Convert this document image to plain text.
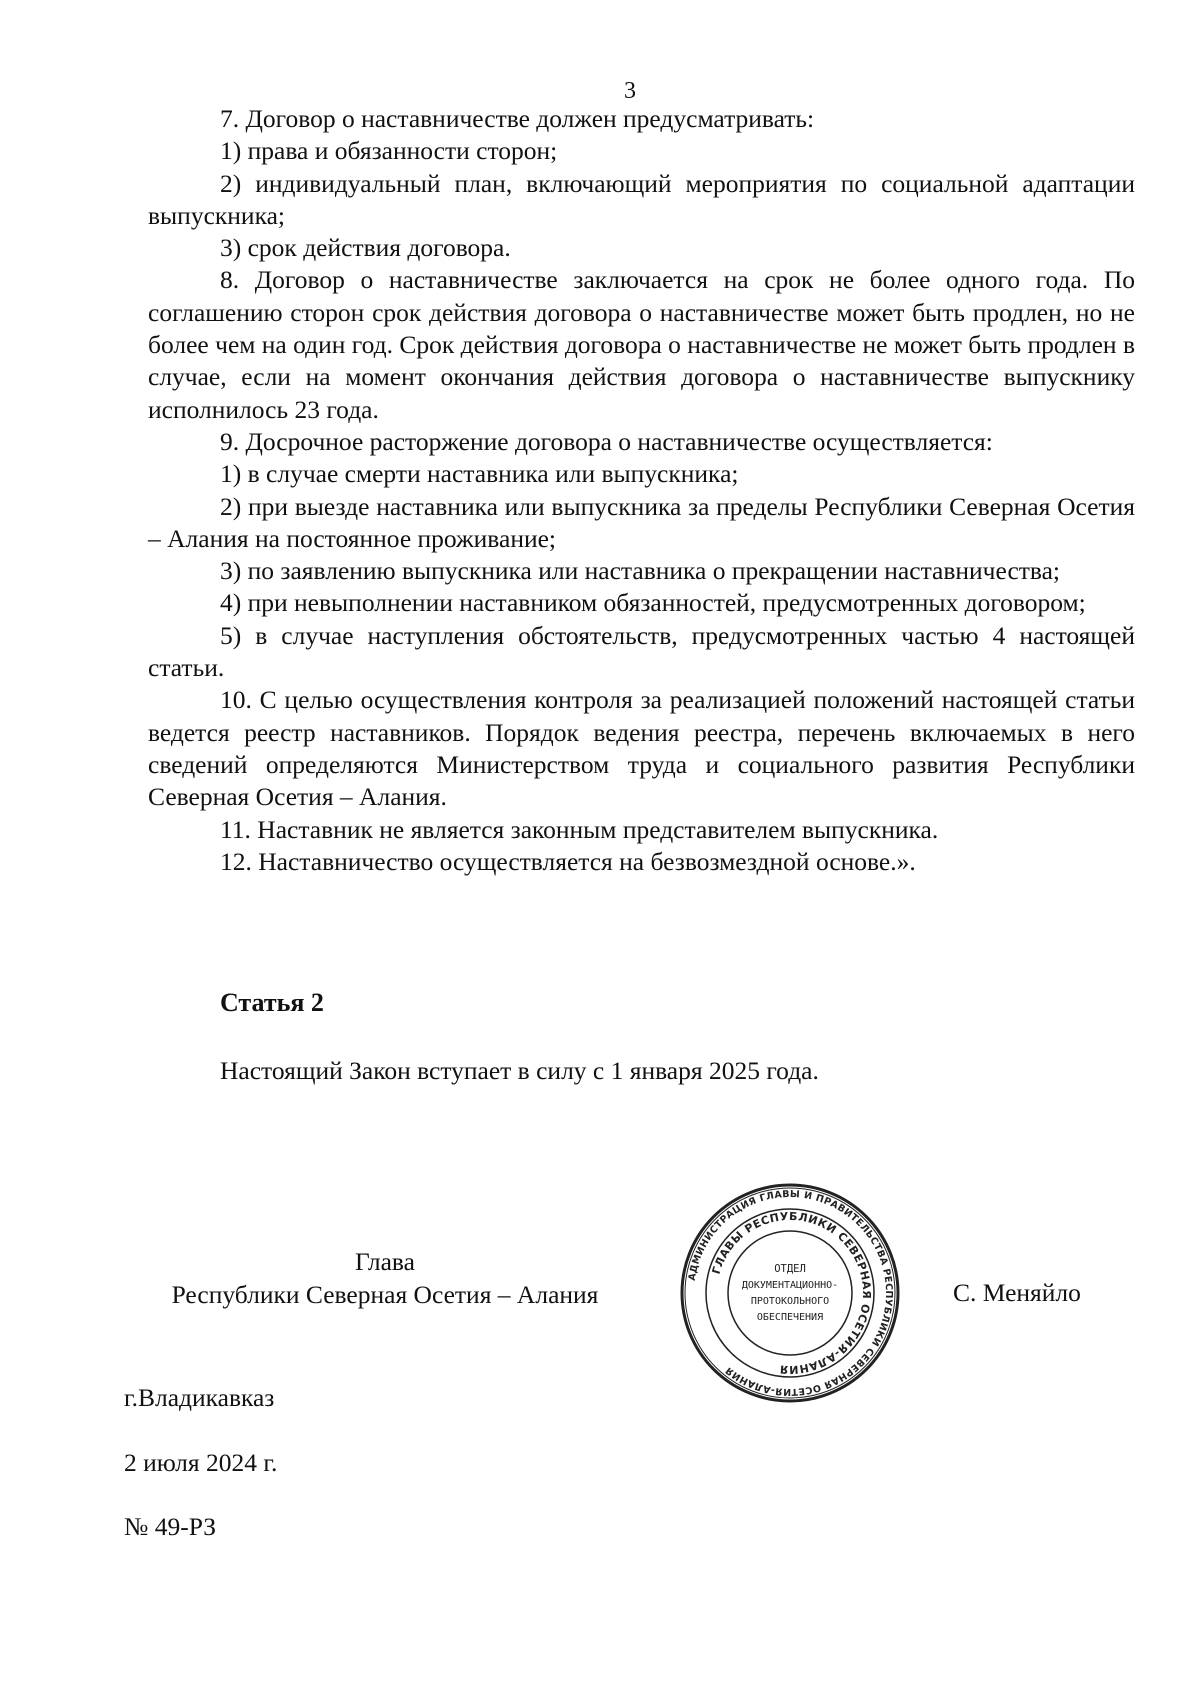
3

7. Договор о наставничестве должен предусматривать:

1) права и обязанности сторон;

2) индивидуальный план, включающий мероприятия по социальной адаптации выпускника;

3) срок действия договора.

8. Договор о наставничестве заключается на срок не более одного года. По соглашению сторон срок действия договора о наставничестве может быть продлен, но не более чем на один год. Срок действия договора о наставничестве не может быть продлен в случае, если на момент окончания действия договора о наставничестве выпускнику исполнилось 23 года.

9. Досрочное расторжение договора о наставничестве осуществляется:

1) в случае смерти наставника или выпускника;

2) при выезде наставника или выпускника за пределы Республики Северная Осетия – Алания на постоянное проживание;

3) по заявлению выпускника или наставника о прекращении наставничества;

4) при невыполнении наставником обязанностей, предусмотренных договором;

5) в случае наступления обстоятельств, предусмотренных частью 4 настоящей статьи.

10. С целью осуществления контроля за реализацией положений настоящей статьи ведется реестр наставников. Порядок ведения реестра, перечень включаемых в него сведений определяются Министерством труда и социального развития Республики Северная Осетия – Алания.

11. Наставник не является законным представителем выпускника.

12. Наставничество осуществляется на безвозмездной основе.».

Статья 2
Настоящий Закон вступает в силу с 1 января 2025 года.
Глава
Республики Северная Осетия – Алания
АДМИНИСТРАЦИЯ ГЛАВЫ И ПРАВИТЕЛЬСТВА РЕСПУБЛИКИ СЕВЕРНАЯ ОСЕТИЯ-АЛАНИЯ
ГЛАВЫ РЕСПУБЛИКИ СЕВЕРНАЯ ОСЕТИЯ-АЛАНИЯ
ОТДЕЛ
ДОКУМЕНТАЦИОННО-
ПРОТОКОЛЬНОГО
ОБЕСПЕЧЕНИЯ
С. Меняйло
г.Владикавказ
2 июля 2024 г.
№ 49-РЗ
